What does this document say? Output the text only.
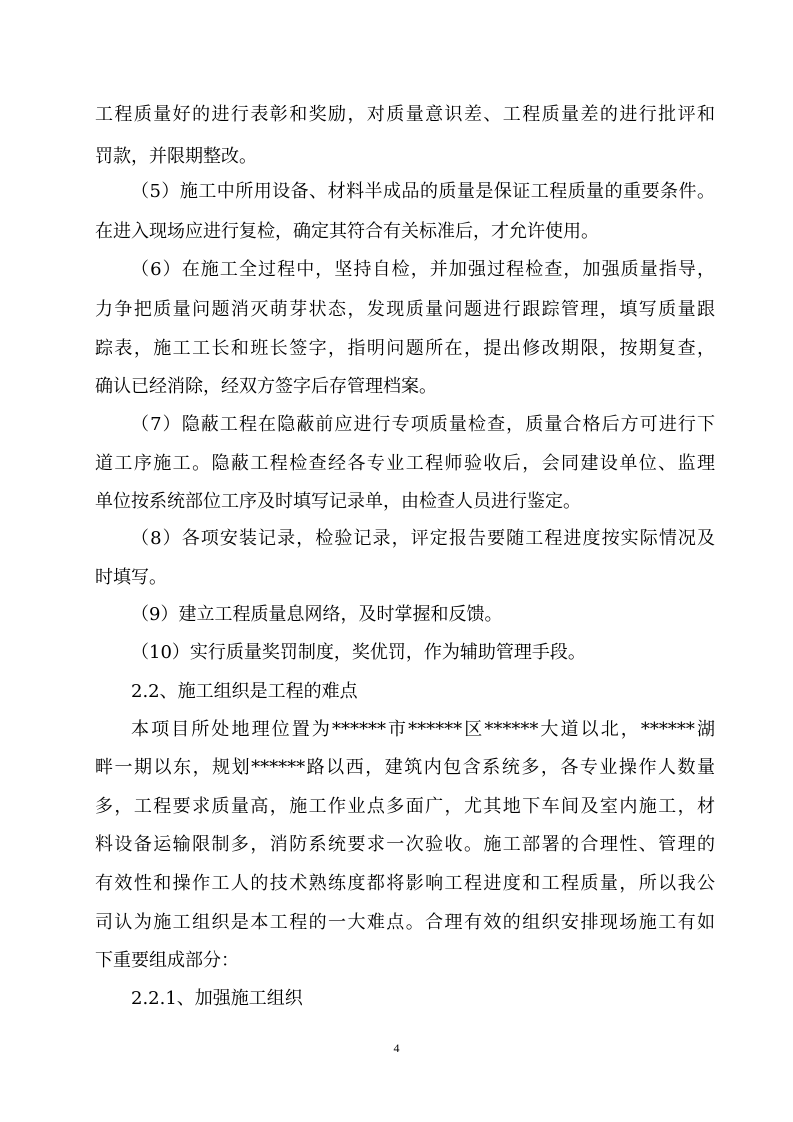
工程质量好的进行表彰和奖励，对质量意识差、工程质量差的进行批评和
罚款，并限期整改。
（5）施工中所用设备、材料半成品的质量是保证工程质量的重要条件。
在进入现场应进行复检，确定其符合有关标准后，才允许使用。
（6）在施工全过程中，坚持自检，并加强过程检查，加强质量指导，
力争把质量问题消灭萌芽状态，发现质量问题进行跟踪管理，填写质量跟
踪表，施工工长和班长签字，指明问题所在，提出修改期限，按期复查，
确认已经消除，经双方签字后存管理档案。
（7）隐蔽工程在隐蔽前应进行专项质量检查，质量合格后方可进行下
道工序施工。隐蔽工程检查经各专业工程师验收后，会同建设单位、监理
单位按系统部位工序及时填写记录单，由检查人员进行鉴定。
（8）各项安装记录，检验记录，评定报告要随工程进度按实际情况及
时填写。
（9）建立工程质量息网络，及时掌握和反馈。
（10）实行质量奖罚制度，奖优罚，作为辅助管理手段。
2.2、施工组织是工程的难点
本项目所处地理位置为******市******区******大道以北，******湖
畔一期以东，规划******路以西，建筑内包含系统多，各专业操作人数量
多，工程要求质量高，施工作业点多面广，尤其地下车间及室内施工，材
料设备运输限制多，消防系统要求一次验收。施工部署的合理性、管理的
有效性和操作工人的技术熟练度都将影响工程进度和工程质量，所以我公
司认为施工组织是本工程的一大难点。合理有效的组织安排现场施工有如
下重要组成部分：
2.2.1、加强施工组织
4
